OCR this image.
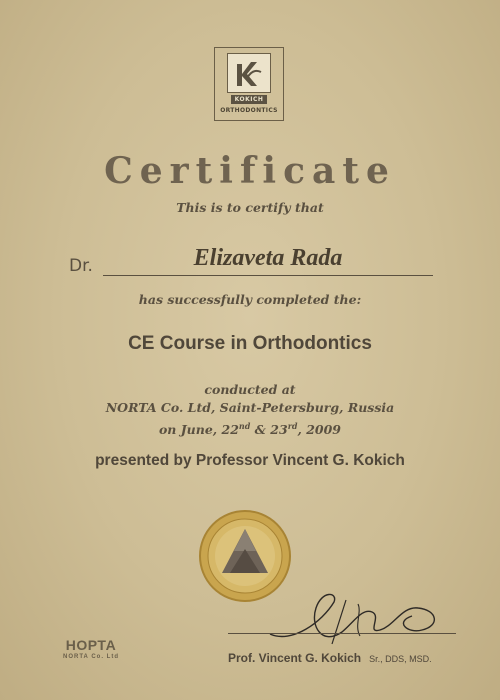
KOKICH
ORTHODONTICS
Certificate
This is to certify that
Dr.	Elizaveta Rada
has successfully completed the:
CE Course in Orthodontics
conducted at
NORTA Co. Ltd, Saint-Petersburg, Russia
on June, 22nd & 23rd, 2009
presented by Professor Vincent G. Kokich
Prof. Vincent G. Kokich Sr., DDS, MSD.
НОРТА
NORTA Co. Ltd
